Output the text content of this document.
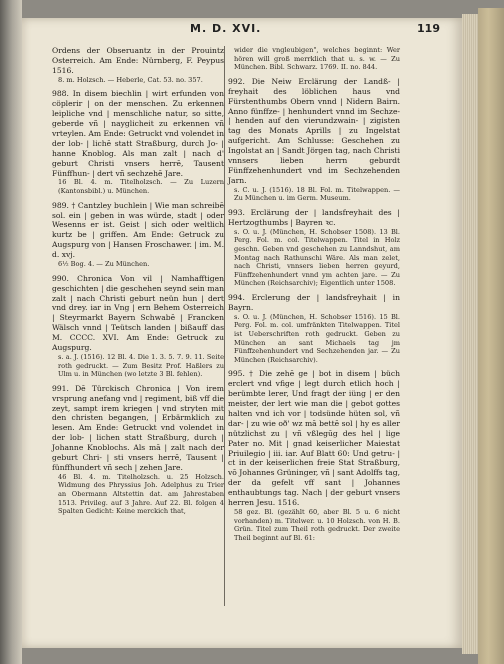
M. D. XVI.	119
Ordens der Obseruantz in der Prouintz Osterreich. Am Ende: Nürnberg, F. Peypus 1516.
8. m. Holzsch. — Heberle, Cat. 53. no. 357.
988. In disem biechlin | wirt erfunden von cöplerir | on der menschen. Zu erkennen leipliche vnd | menschliche natur, so sitte, geberde vñ | nayglicheit zu erkennen vñ vrteylen. Am Ende: Getruckt vnd volendet in der lob- | lichē statt Straßburg, durch Jo- | hanne Knoblog. Als man zalt | nach d' geburt Christi vnsers herrē, Tausent Fünffhun- | dert vñ sechzehē Jare.
16 Bl. 4. m. Titelholzsch. — Zu Luzern (Kantonsbibl.) u. München.
989. † Cantzley buchlein | Wie man schreibē sol. ein | geben in was würde, stadt | oder Wesenns er ist. Geist | sich oder weltlich kurtz be | griffen. Am Ende: Getruck zu Augspurg von | Hansen Froschawer. | im. M. d. xvj.
6½ Bog. 4. — Zu München.
990. Chronica Von vil | Namhafftigen geschichten | die geschehen seynd sein man zalt | nach Christi geburt neün hun | dert vnd drey. iar in Vng | ern Behem Osterreich | Steyrmarkt Bayern Schwabē | Francken Wälsch vnnd | Teütsch landen | bißauff das M. CCCC. XVI. Am Ende: Getruck zu Augspurg.
s. a. J. (1516). 12 Bl. 4. Die 1. 3. 5. 7. 9. 11. Seite roth gedruckt. — Zum Besitz Prof. Haßlers zu Ulm u. in München (wo letzte 3 Bl. fehlen).
991. Dē Türckisch Chronica | Von irem vrsprung anefang vnd | regiment, biß vff die zeyt, sampt irem kriegen | vnd stryten mit den christen begangen, | Erbärmklich zu lesen. Am Ende: Getruckt vnd volendet in der lob- | lichen statt Straßburg, durch | Johanne Knoblochs. Als mā | zalt nach der geburt Chri- | sti vnsers herrē, Tausent | fünffhundert vñ sech | zehen Jare.
46 Bl. 4. m. Titelholzsch. u. 25 Holzsch. Widmung des Phryssius Joh. Adelphus zu Trier an Obermann Altstettin dat. am Jahrestaben 1513. Privileg. auf 3 Jahre. Auf 22. Bl. folgen 4 Spalten Gedicht: Keine merckich that,
wider die vngleubigen", welches beginnt: Wer hören will groß merrklich that u. s. w. — Zu München. Bibl. Schwarz. 1769. II. no. 844.
992. Die Neiw Erclärung der Landß- | freyhait des löblichen haus vnd Fürstenthumbs Obern vnnd | Nidern Bairn. Anno fünffze- | henhundert vnnd im Sechze- | henden auf den vierundzwain- | zigisten tag des Monats Aprills | zu Ingelstat aufgericht. Am Schlusse: Geschehen zu Ingolstat an | Sandt Jörgen tag, nach Christi vnnsers lieben herrn geburdt Fünffzehenhundert vnd im Sechzehenden Jarn.
s. C. u. J. (1516). 18 Bl. Fol. m. Titelwappen. — Zu München u. im Germ. Museum.
993. Erclärung der | landsfreyhait des | Hertzogthumbs | Bayren ꝛc.
s. O. u. J. (München, H. Schobser 1508). 13 Bl. Perg. Fol. m. col. Titelwappen. Titel in Holz geschn. Geben vnd geschehen zu Lanndshut, am Montag nach Rathunschi Wäre. Als man zelet, nach Christi, vnnsers lieben herren geyurd, Fünffzehenhundert vnnd ym achten jare. — Zu München (Reichsarchiv); Eigentlich unter 1508.
994. Erclerung der | landsfreyhait | in Bayrn.
s. O. u. J. (München, H. Schobser 1516). 15 Bl. Perg. Fol. m. col. umfränkten Titelwappen. Titel ist Ueberschriften roth gedruckt. Geben zu München an sant Michaels tag jm Fünffzehenhundert vnd Sechzehenden jar. — Zu München (Reichsarchiv).
995. † Die zehē ge | bot in disem | büch erclert vnd vfige | legt durch etlich hoch | berümbte lerer, Und fragt der iüng | er den meister, der lert wie man die | gebot gottes halten vnd ich vor | todsünde hüten sol, vñ dar- | zu wie oð' wz mā bettē sol | hy es aller nützlichst zu | vñ vßlegūg des hel | lige Pater no. Mit | gnad keiserlicher Maiestat Priuilegio | iii. iar. Auf Blatt 60: Und getru- | ct in der keiserlichen freie Stat Straßburg, vō Johannes Grüninger, vñ | sant Adolffs tag, der da gefelt vff sant | Johannes enthaubtungs tag. Nach | der geburt vnsers herren Jesu. 1516.
58 gez. Bl. (gezählt 60, aber Bl. 5 u. 6 nicht vorhanden) m. Titelwer. u. 10 Holzsch. von H. B. Grün. Titel zum Theil roth gedruckt. Der zweite Theil beginnt auf Bl. 61:
